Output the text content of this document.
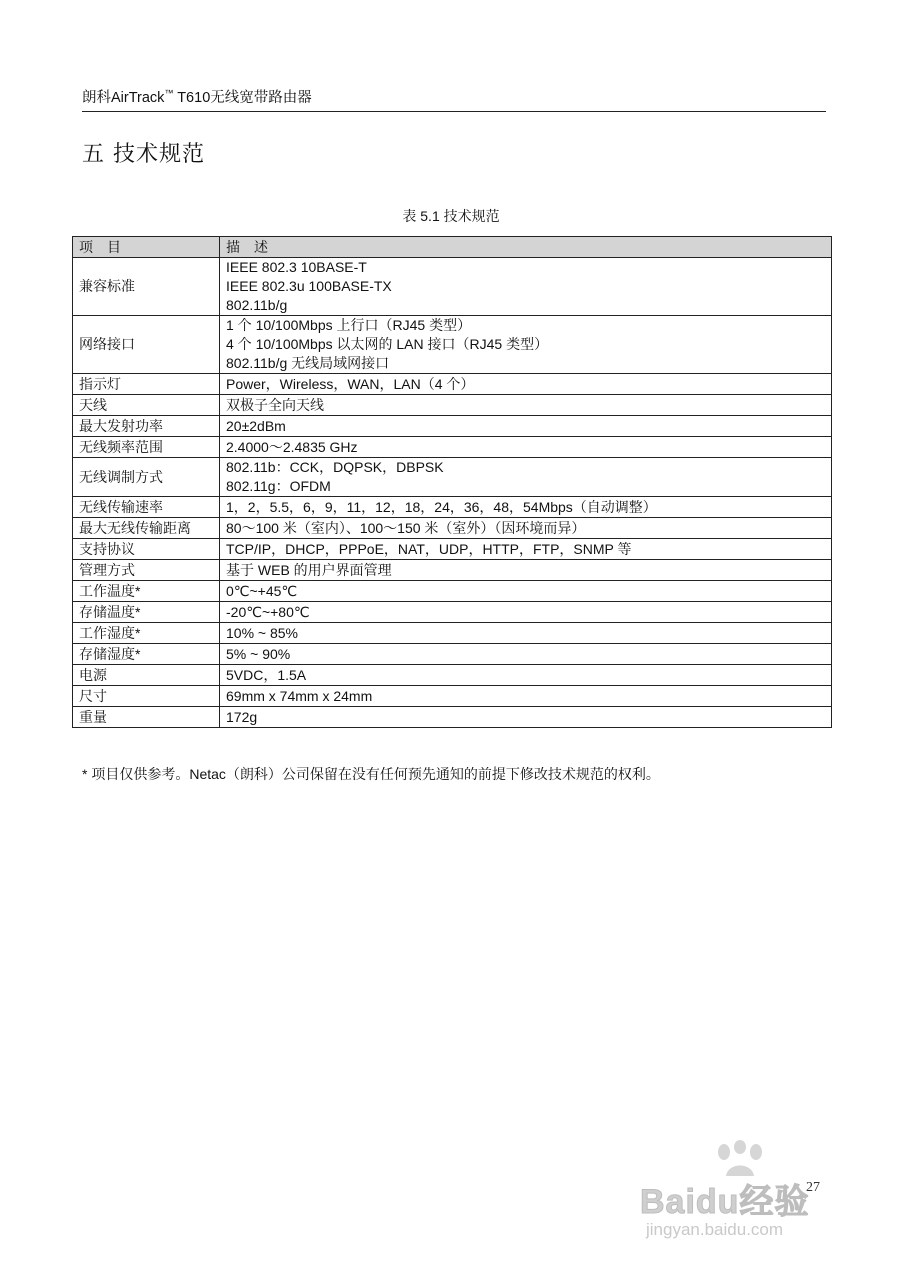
朗科AirTrack™ T610无线宽带路由器
五 技术规范
表 5.1 技术规范
项目	描述
兼容标准	IEEE 802.3 10BASE-T
IEEE 802.3u 100BASE-TX
802.11b/g

网络接口	1 个 10/100Mbps 上行口（RJ45 类型）
4 个 10/100Mbps 以太网的 LAN 接口（RJ45 类型）
802.11b/g 无线局域网接口

指示灯	Power，Wireless，WAN，LAN（4 个）

天线	双极子全向天线

最大发射功率	20±2dBm

无线频率范围	2.4000～2.4835 GHz

无线调制方式	802.11b：CCK，DQPSK，DBPSK
802.11g：OFDM

无线传输速率	1，2，5.5，6，9，11，12，18，24，36，48，54Mbps（自动调整）

最大无线传输距离	80～100 米（室内）、100～150 米（室外）（因环境而异）

支持协议	TCP/IP，DHCP，PPPoE，NAT，UDP，HTTP，FTP，SNMP 等

管理方式	基于 WEB 的用户界面管理

工作温度*	0℃~+45℃

存储温度*	-20℃~+80℃

工作湿度*	10% ~ 85%

存储湿度*	5% ~ 90%

电源	5VDC，1.5A

尺寸	69mm x 74mm x 24mm

重量	172g
* 项目仅供参考。Netac（朗科）公司保留在没有任何预先通知的前提下修改技术规范的权利。
27
Baidu经验
jingyan.baidu.com
